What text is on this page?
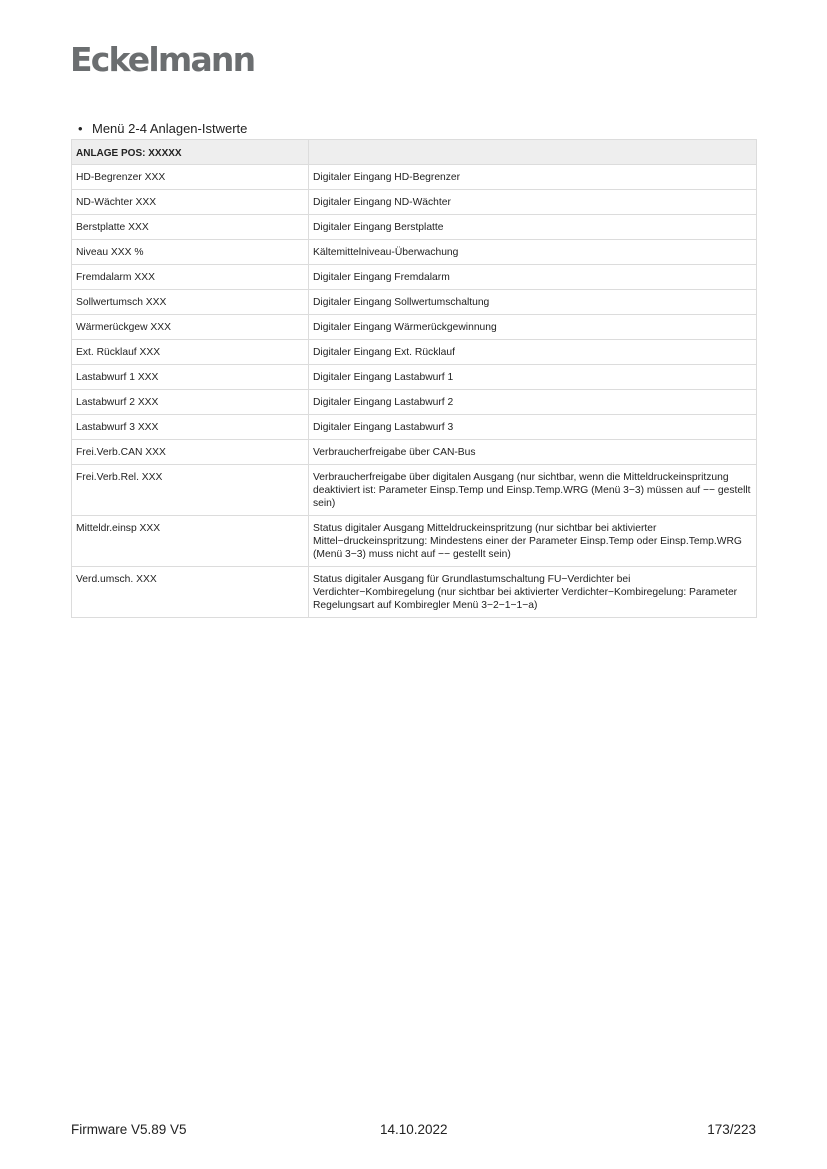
Eckelmann
• Menü 2-4 Anlagen-Istwerte
ANLAGE POS: XXXXX	
HD-Begrenzer XXX	Digitaler Eingang HD-Begrenzer
ND-Wächter XXX	Digitaler Eingang ND-Wächter
Berstplatte XXX	Digitaler Eingang Berstplatte
Niveau XXX %	Kältemittelniveau-Überwachung
Fremdalarm XXX	Digitaler Eingang Fremdalarm
Sollwertumsch XXX	Digitaler Eingang Sollwertumschaltung
Wärmerückgew XXX	Digitaler Eingang Wärmerückgewinnung
Ext. Rücklauf XXX	Digitaler Eingang Ext. Rücklauf
Lastabwurf 1 XXX	Digitaler Eingang Lastabwurf 1
Lastabwurf 2 XXX	Digitaler Eingang Lastabwurf 2
Lastabwurf 3 XXX	Digitaler Eingang Lastabwurf 3
Frei.Verb.CAN XXX	Verbraucherfreigabe über CAN-Bus
Frei.Verb.Rel. XXX	Verbraucherfreigabe über digitalen Ausgang (nur sichtbar, wenn die Mitteldruckeinspritzung deaktiviert ist: Parameter Einsp.Temp und Einsp.Temp.WRG (Menü 3−3) müssen auf −− gestellt sein)
Mitteldr.einsp XXX	Status digitaler Ausgang Mitteldruckeinspritzung (nur sichtbar bei aktivierter Mittel−druckeinspritzung: Mindestens einer der Parameter Einsp.Temp oder Einsp.Temp.WRG (Menü 3−3) muss nicht auf −− gestellt sein)
Verd.umsch. XXX	Status digitaler Ausgang für Grundlastumschaltung FU−Verdichter bei Verdichter−Kombiregelung (nur sichtbar bei aktivierter Verdichter−Kombiregelung: Parameter Regelungsart auf Kombiregler Menü 3−2−1−1−a)
Firmware V5.89 V5	14.10.2022	173/223
